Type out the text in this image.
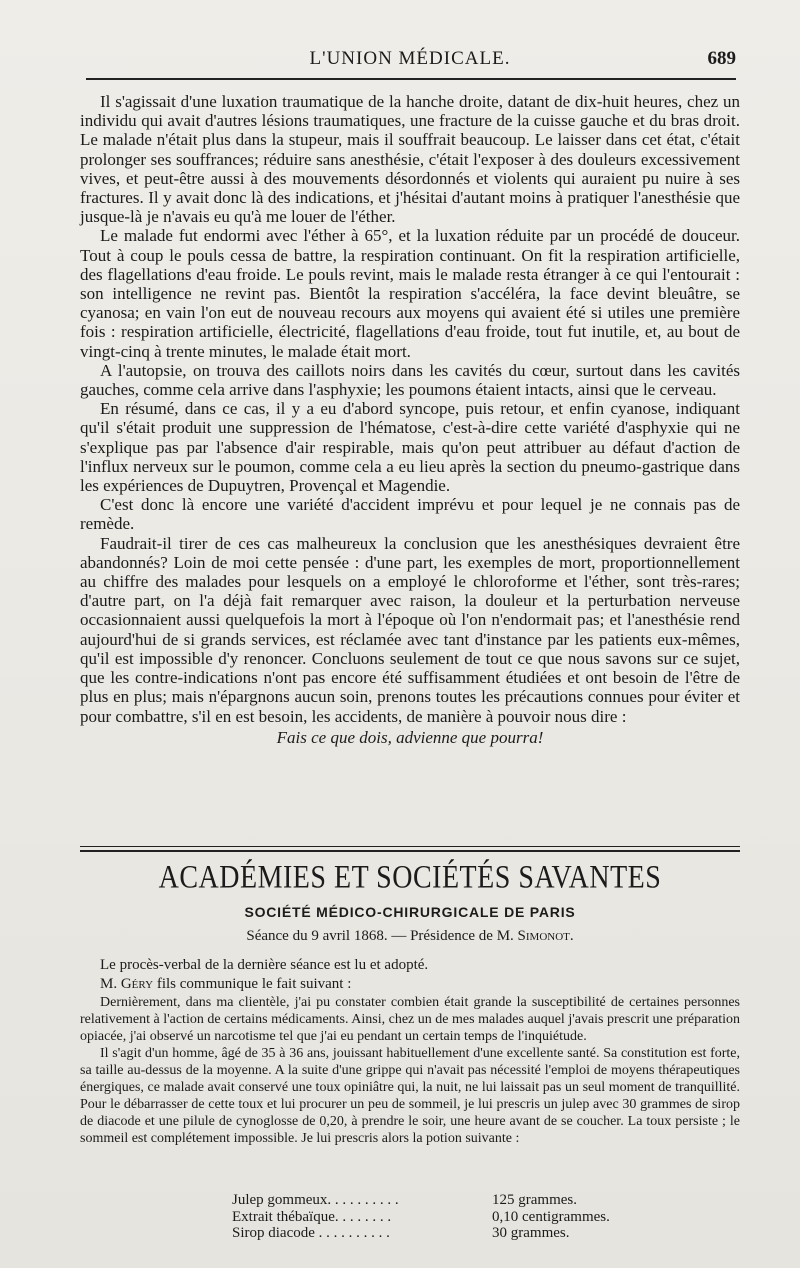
L'UNION MÉDICALE.	689

Il s'agissait d'une luxation traumatique de la hanche droite, datant de dix-huit heures, chez un individu qui avait d'autres lésions traumatiques, une fracture de la cuisse gauche et du bras droit. Le malade n'était plus dans la stupeur, mais il souffrait beaucoup. Le laisser dans cet état, c'était prolonger ses souffrances; réduire sans anesthésie, c'était l'exposer à des douleurs excessivement vives, et peut-être aussi à des mouvements désordonnés et violents qui auraient pu nuire à ses fractures. Il y avait donc là des indications, et j'hésitai d'autant moins à pratiquer l'anesthésie que jusque-là je n'avais eu qu'à me louer de l'éther.

Le malade fut endormi avec l'éther à 65°, et la luxation réduite par un procédé de douceur. Tout à coup le pouls cessa de battre, la respiration continuant. On fit la respiration artificielle, des flagellations d'eau froide. Le pouls revint, mais le malade resta étranger à ce qui l'entourait : son intelligence ne revint pas. Bientôt la respiration s'accéléra, la face devint bleuâtre, se cyanosa; en vain l'on eut de nouveau recours aux moyens qui avaient été si utiles une première fois : respiration artificielle, électricité, flagellations d'eau froide, tout fut inutile, et, au bout de vingt-cinq à trente minutes, le malade était mort.

A l'autopsie, on trouva des caillots noirs dans les cavités du cœur, surtout dans les cavités gauches, comme cela arrive dans l'asphyxie; les poumons étaient intacts, ainsi que le cerveau.

En résumé, dans ce cas, il y a eu d'abord syncope, puis retour, et enfin cyanose, indiquant qu'il s'était produit une suppression de l'hématose, c'est-à-dire cette variété d'asphyxie qui ne s'explique pas par l'absence d'air respirable, mais qu'on peut attribuer au défaut d'action de l'influx nerveux sur le poumon, comme cela a eu lieu après la section du pneumo-gastrique dans les expériences de Dupuytren, Provençal et Magendie.

C'est donc là encore une variété d'accident imprévu et pour lequel je ne connais pas de remède.

Faudrait-il tirer de ces cas malheureux la conclusion que les anesthésiques devraient être abandonnés? Loin de moi cette pensée : d'une part, les exemples de mort, proportionnellement au chiffre des malades pour lesquels on a employé le chloroforme et l'éther, sont très-rares; d'autre part, on l'a déjà fait remarquer avec raison, la douleur et la perturbation nerveuse occasionnaient aussi quelquefois la mort à l'époque où l'on n'endormait pas; et l'anesthésie rend aujourd'hui de si grands services, est réclamée avec tant d'instance par les patients eux-mêmes, qu'il est impossible d'y renoncer. Concluons seulement de tout ce que nous savons sur ce sujet, que les contre-indications n'ont pas encore été suffisamment étudiées et ont besoin de l'être de plus en plus; mais n'épargnons aucun soin, prenons toutes les précautions connues pour éviter et pour combattre, s'il en est besoin, les accidents, de manière à pouvoir nous dire :

Fais ce que dois, advienne que pourra!

ACADÉMIES ET SOCIÉTÉS SAVANTES
SOCIÉTÉ MÉDICO-CHIRURGICALE DE PARIS
Séance du 9 avril 1868. — Présidence de M. Simonot.

Le procès-verbal de la dernière séance est lu et adopté.

M. Géry fils communique le fait suivant :

Dernièrement, dans ma clientèle, j'ai pu constater combien était grande la susceptibilité de certaines personnes relativement à l'action de certains médicaments. Ainsi, chez un de mes malades auquel j'avais prescrit une préparation opiacée, j'ai observé un narcotisme tel que j'ai eu pendant un certain temps de l'inquiétude.

Il s'agit d'un homme, âgé de 35 à 36 ans, jouissant habituellement d'une excellente santé. Sa constitution est forte, sa taille au-dessus de la moyenne. A la suite d'une grippe qui n'avait pas nécessité l'emploi de moyens thérapeutiques énergiques, ce malade avait conservé une toux opiniâtre qui, la nuit, ne lui laissait pas un seul moment de tranquillité. Pour le débarrasser de cette toux et lui procurer un peu de sommeil, je lui prescris un julep avec 30 grammes de sirop de diacode et une pilule de cynoglosse de 0,20, à prendre le soir, une heure avant de se coucher. La toux persiste ; le sommeil est complétement impossible. Je lui prescris alors la potion suivante :

Julep gommeux. . . . . . . . . .	125 grammes.
Extrait thébaïque. . . . . . . .	0,10 centigrammes.
Sirop diacode . . . . . . . . . .	30 grammes.
